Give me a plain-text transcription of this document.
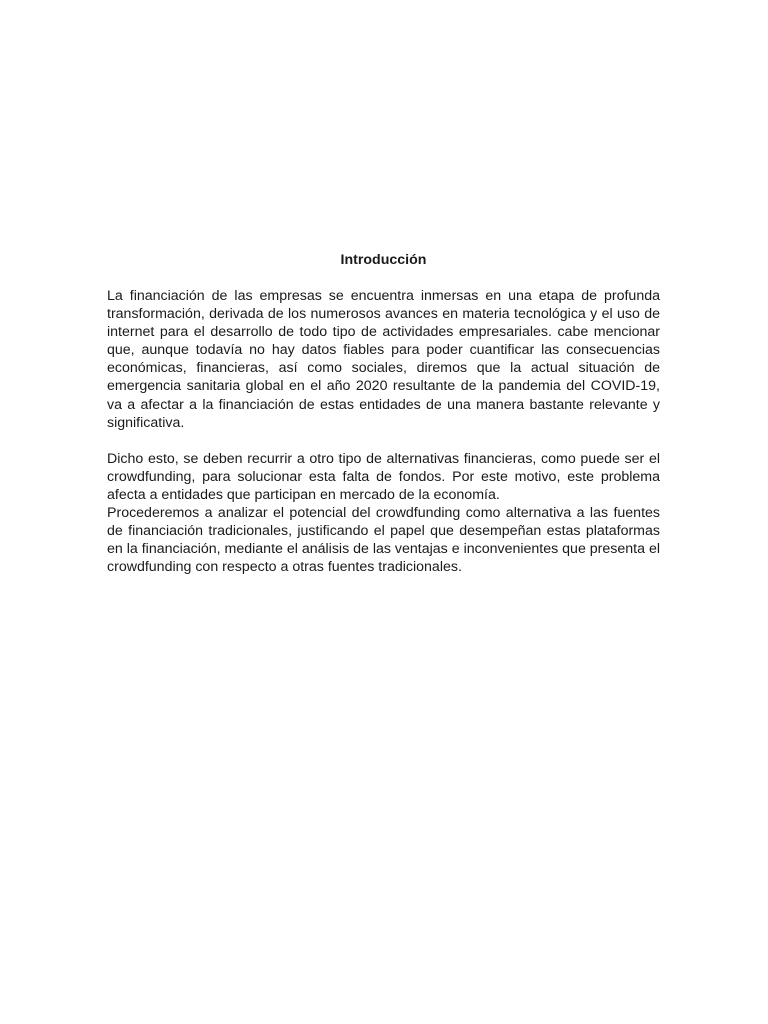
Introducción

La financiación de las empresas se encuentra inmersas en una etapa de profunda transformación, derivada de los numerosos avances en materia tecnológica y el uso de internet para el desarrollo de todo tipo de actividades empresariales. cabe mencionar que, aunque todavía no hay datos fiables para poder cuantificar las consecuencias económicas, financieras, así como sociales, diremos que la actual situación de emergencia sanitaria global en el año 2020 resultante de la pandemia del COVID-19, va a afectar a la financiación de estas entidades de una manera bastante relevante y significativa.

Dicho esto, se deben recurrir a otro tipo de alternativas financieras, como puede ser el crowdfunding, para solucionar esta falta de fondos. Por este motivo, este problema afecta a entidades que participan en mercado de la economía.

Procederemos a analizar el potencial del crowdfunding como alternativa a las fuentes de financiación tradicionales, justificando el papel que desempeñan estas plataformas en la financiación, mediante el análisis de las ventajas e inconvenientes que presenta el crowdfunding con respecto a otras fuentes tradicionales.
